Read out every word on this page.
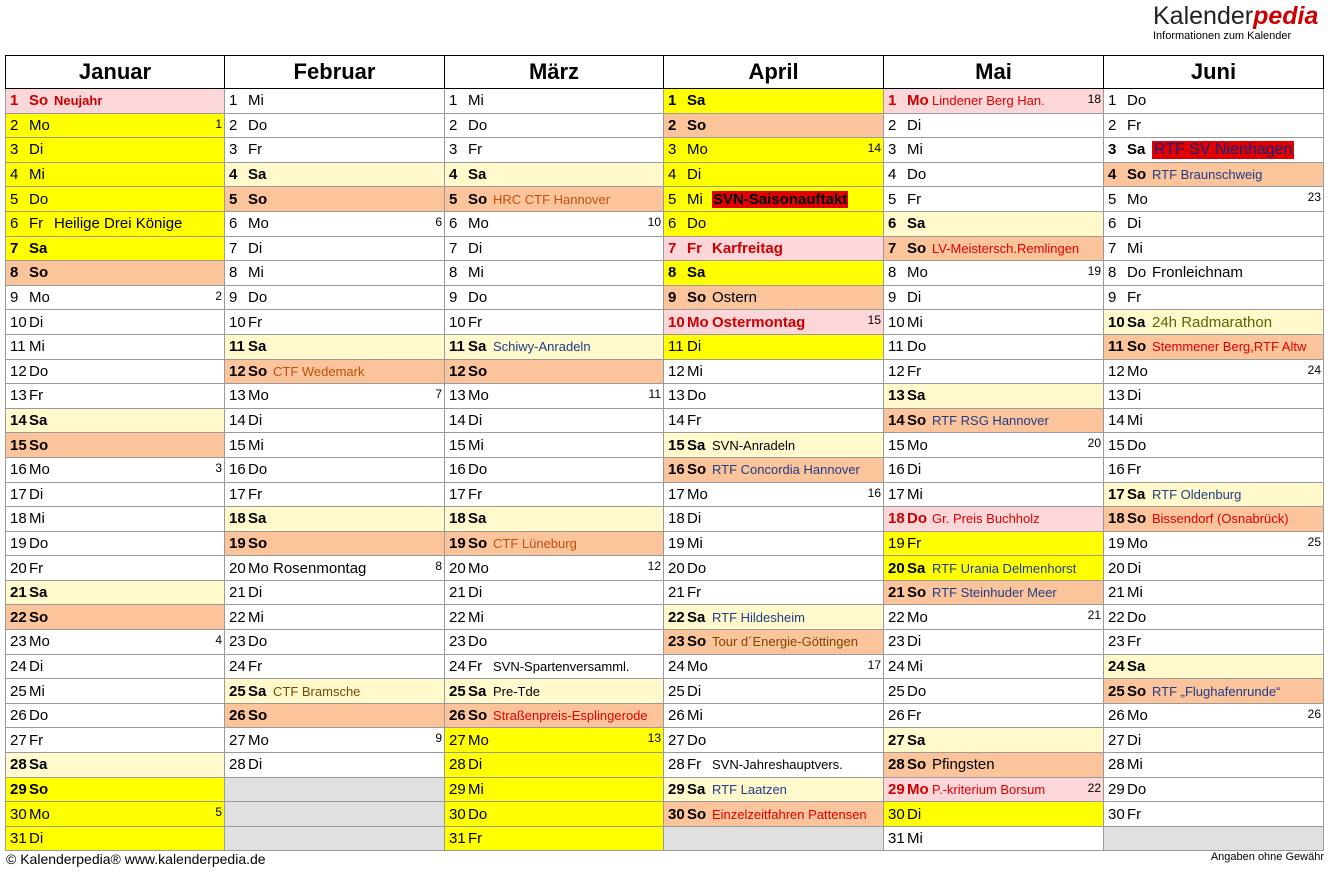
Kalenderpedia
Informationen zum Kalender
Januar	Februar	März	April	Mai	Juni

1 So Neujahr	1 Mi	1 Mi	1 Sa	1 Mo Lindener Berg Han. 18	1 Do

2 Mo 1	2 Do	2 Do	2 So	2 Di	2 Fr

3 Di	3 Fr	3 Fr	3 Mo 14	3 Mi	3 Sa RTF SV Nienhagen

4 Mi	4 Sa	4 Sa	4 Di	4 Do	4 So RTF Braunschweig

5 Do	5 So	5 So HRC CTF Hannover	5 Mi SVN-Saisonauftakt	5 Fr	5 Mo 23

6 Fr Heilige Drei Könige	6 Mo 6	6 Mo 10	6 Do	6 Sa	6 Di

7 Sa	7 Di	7 Di	7 Fr Karfreitag	7 So LV-Meistersch.Remlingen	7 Mi

8 So	8 Mi	8 Mi	8 Sa	8 Mo 19	8 Do Fronleichnam

9 Mo 2	9 Do	9 Do	9 So Ostern	9 Di	9 Fr

10 Di	10 Fr	10 Fr	10 Mo Ostermontag 15	10 Mi	10 Sa 24h Radmarathon

11 Mi	11 Sa	11 Sa Schiwy-Anradeln	11 Di	11 Do	11 So Stemmener Berg,RTF Altw

12 Do	12 So CTF Wedemark	12 So	12 Mi	12 Fr	12 Mo 24

13 Fr	13 Mo 7	13 Mo 11	13 Do	13 Sa	13 Di

14 Sa	14 Di	14 Di	14 Fr	14 So RTF RSG Hannover	14 Mi

15 So	15 Mi	15 Mi	15 Sa SVN-Anradeln	15 Mo 20	15 Do

16 Mo 3	16 Do	16 Do	16 So RTF Concordia Hannover	16 Di	16 Fr

17 Di	17 Fr	17 Fr	17 Mo 16	17 Mi	17 Sa RTF Oldenburg

18 Mi	18 Sa	18 Sa	18 Di	18 Do Gr. Preis Buchholz	18 So Bissendorf (Osnabrück)

19 Do	19 So	19 So CTF Lüneburg	19 Mi	19 Fr	19 Mo 25

20 Fr	20 Mo Rosenmontag 8	20 Mo 12	20 Do	20 Sa RTF Urania Delmenhorst	20 Di

21 Sa	21 Di	21 Di	21 Fr	21 So RTF Steinhuder Meer	21 Mi

22 So	22 Mi	22 Mi	22 Sa RTF Hildesheim	22 Mo 21	22 Do

23 Mo 4	23 Do	23 Do	23 So Tour d´Energie-Göttingen	23 Di	23 Fr

24 Di	24 Fr	24 Fr SVN-Spartenversamml.	24 Mo 17	24 Mi	24 Sa

25 Mi	25 Sa CTF Bramsche	25 Sa Pre-Tde	25 Di	25 Do	25 So RTF „Flughafenrunde“

26 Do	26 So	26 So Straßenpreis-Esplingerode	26 Mi	26 Fr	26 Mo 26

27 Fr	27 Mo 9	27 Mo 13	27 Do	27 Sa	27 Di

28 Sa	28 Di	28 Di	28 Fr SVN-Jahreshauptvers.	28 So Pfingsten	28 Mi

29 So		29 Mi	29 Sa RTF Laatzen	29 Mo P.-kriterium Borsum 22	29 Do

30 Mo 5		30 Do	30 So Einzelzeitfahren Pattensen	30 Di	30 Fr

31 Di		31 Fr		31 Mi	

© Kalenderpedia® www.kalenderpedia.de	Angaben ohne Gewähr
